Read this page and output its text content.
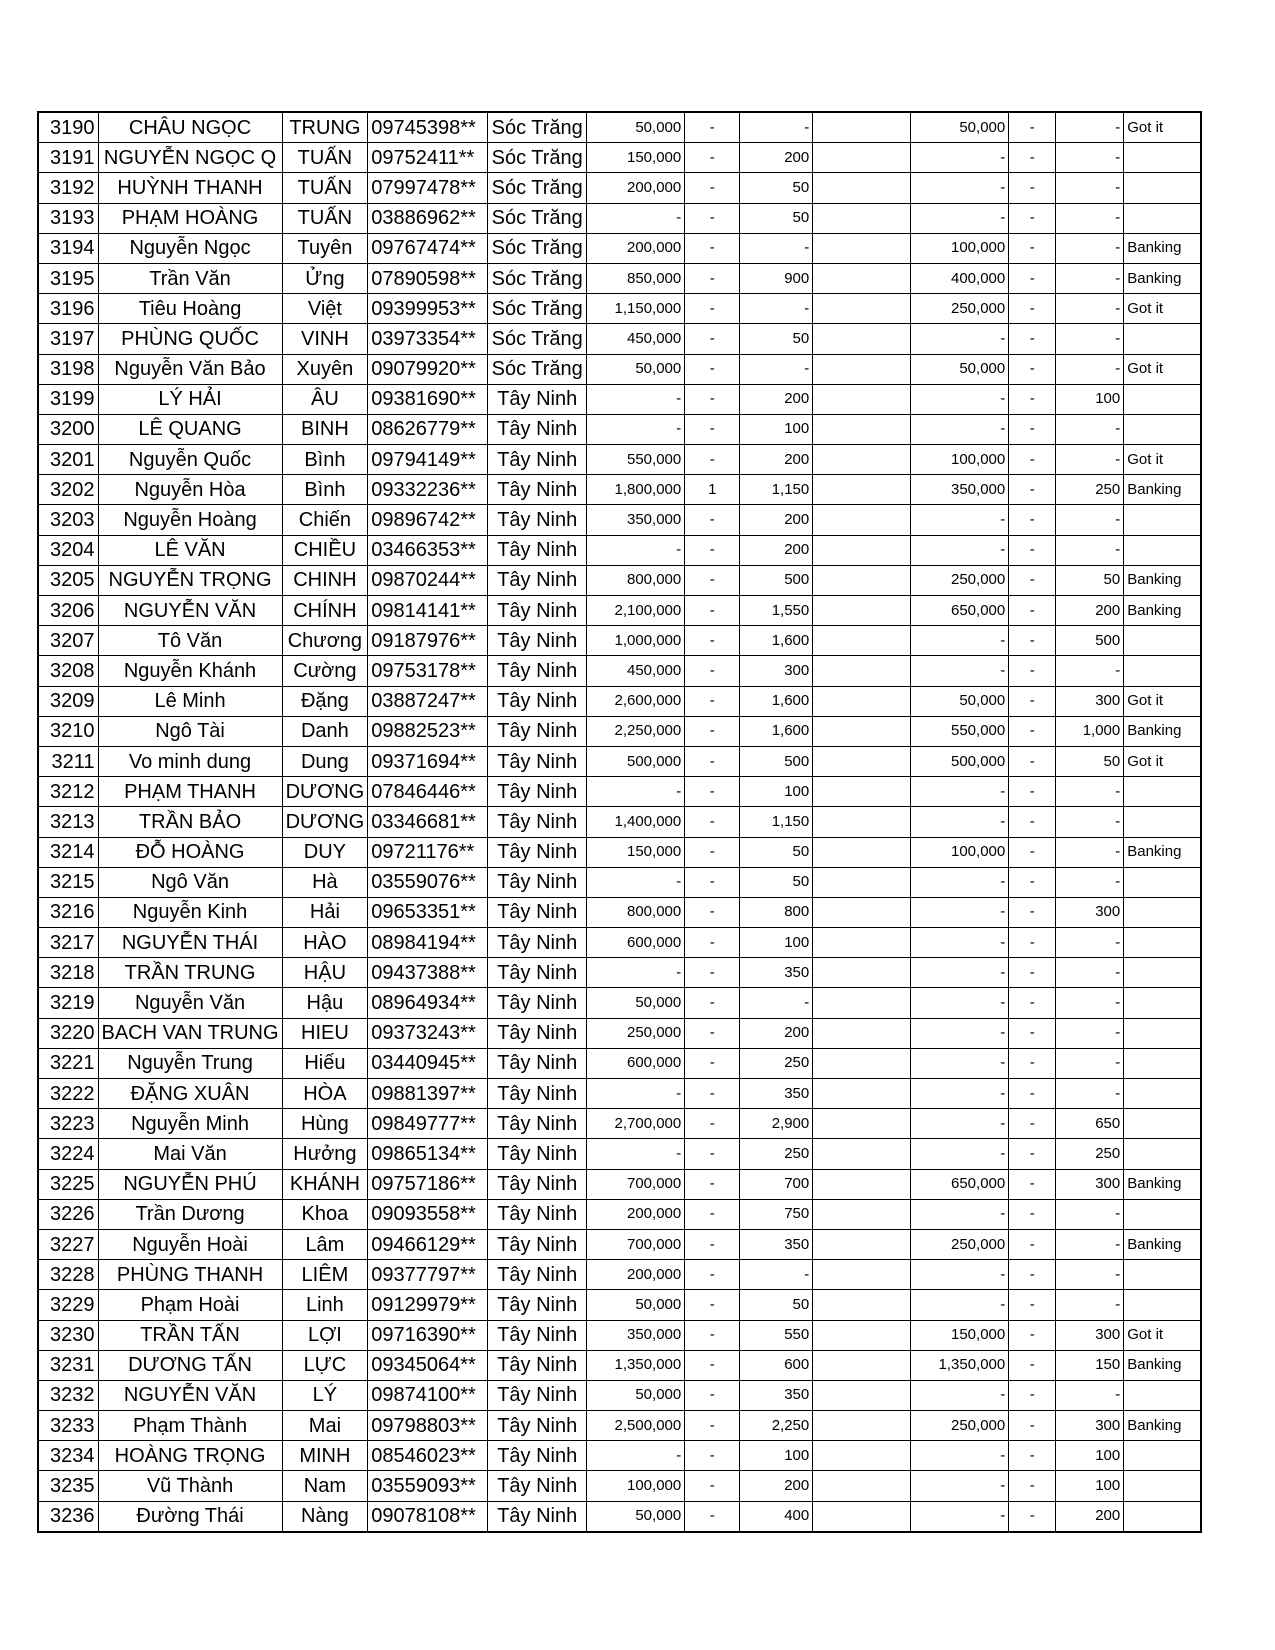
3190	CHÂU NGỌC	TRUNG	09745398**	Sóc Trăng	50,000	-	-		50,000	-	-	Got it
3191	NGUYỄN NGỌC Q	TUẤN	09752411**	Sóc Trăng	150,000	-	200		-	-	-	
3192	HUỲNH THANH	TUẤN	07997478**	Sóc Trăng	200,000	-	50		-	-	-	
3193	PHẠM HOÀNG	TUẤN	03886962**	Sóc Trăng	-	-	50		-	-	-	
3194	Nguyễn Ngọc	Tuyên	09767474**	Sóc Trăng	200,000	-	-		100,000	-	-	Banking
3195	Trần Văn	Ửng	07890598**	Sóc Trăng	850,000	-	900		400,000	-	-	Banking
3196	Tiêu Hoàng	Việt	09399953**	Sóc Trăng	1,150,000	-	-		250,000	-	-	Got it
3197	PHÙNG QUỐC	VINH	03973354**	Sóc Trăng	450,000	-	50		-	-	-	
3198	Nguyễn Văn Bảo	Xuyên	09079920**	Sóc Trăng	50,000	-	-		50,000	-	-	Got it
3199	LÝ HẢI	ÂU	09381690**	Tây Ninh	-	-	200		-	-	100	
3200	LÊ QUANG	BINH	08626779**	Tây Ninh	-	-	100		-	-	-	
3201	Nguyễn Quốc	Bình	09794149**	Tây Ninh	550,000	-	200		100,000	-	-	Got it
3202	Nguyễn Hòa	Bình	09332236**	Tây Ninh	1,800,000	1	1,150		350,000	-	250	Banking
3203	Nguyễn Hoàng	Chiến	09896742**	Tây Ninh	350,000	-	200		-	-	-	
3204	LÊ VĂN	CHIỀU	03466353**	Tây Ninh	-	-	200		-	-	-	
3205	NGUYỄN TRỌNG	CHINH	09870244**	Tây Ninh	800,000	-	500		250,000	-	50	Banking
3206	NGUYỄN VĂN	CHÍNH	09814141**	Tây Ninh	2,100,000	-	1,550		650,000	-	200	Banking
3207	Tô Văn	Chương	09187976**	Tây Ninh	1,000,000	-	1,600		-	-	500	
3208	Nguyễn Khánh	Cường	09753178**	Tây Ninh	450,000	-	300		-	-	-	
3209	Lê Minh	Đặng	03887247**	Tây Ninh	2,600,000	-	1,600		50,000	-	300	Got it
3210	Ngô Tài	Danh	09882523**	Tây Ninh	2,250,000	-	1,600		550,000	-	1,000	Banking
3211	Vo minh dung	Dung	09371694**	Tây Ninh	500,000	-	500		500,000	-	50	Got it
3212	PHẠM THANH	DƯƠNG	07846446**	Tây Ninh	-	-	100		-	-	-	
3213	TRẦN BẢO	DƯƠNG	03346681**	Tây Ninh	1,400,000	-	1,150		-	-	-	
3214	ĐỖ HOÀNG	DUY	09721176**	Tây Ninh	150,000	-	50		100,000	-	-	Banking
3215	Ngô Văn	Hà	03559076**	Tây Ninh	-	-	50		-	-	-	
3216	Nguyễn Kinh	Hải	09653351**	Tây Ninh	800,000	-	800		-	-	300	
3217	NGUYỄN THÁI	HÀO	08984194**	Tây Ninh	600,000	-	100		-	-	-	
3218	TRẦN TRUNG	HẬU	09437388**	Tây Ninh	-	-	350		-	-	-	
3219	Nguyễn Văn	Hậu	08964934**	Tây Ninh	50,000	-	-		-	-	-	
3220	BACH VAN TRUNG	HIEU	09373243**	Tây Ninh	250,000	-	200		-	-	-	
3221	Nguyễn Trung	Hiếu	03440945**	Tây Ninh	600,000	-	250		-	-	-	
3222	ĐẶNG XUÂN	HÒA	09881397**	Tây Ninh	-	-	350		-	-	-	
3223	Nguyễn Minh	Hùng	09849777**	Tây Ninh	2,700,000	-	2,900		-	-	650	
3224	Mai Văn	Hưởng	09865134**	Tây Ninh	-	-	250		-	-	250	
3225	NGUYỄN PHÚ	KHÁNH	09757186**	Tây Ninh	700,000	-	700		650,000	-	300	Banking
3226	Trần Dương	Khoa	09093558**	Tây Ninh	200,000	-	750		-	-	-	
3227	Nguyễn Hoài	Lâm	09466129**	Tây Ninh	700,000	-	350		250,000	-	-	Banking
3228	PHÙNG THANH	LIÊM	09377797**	Tây Ninh	200,000	-	-		-	-	-	
3229	Phạm Hoài	Linh	09129979**	Tây Ninh	50,000	-	50		-	-	-	
3230	TRẦN TẤN	LỢI	09716390**	Tây Ninh	350,000	-	550		150,000	-	300	Got it
3231	DƯƠNG TẤN	LỰC	09345064**	Tây Ninh	1,350,000	-	600		1,350,000	-	150	Banking
3232	NGUYỄN VĂN	LÝ	09874100**	Tây Ninh	50,000	-	350		-	-	-	
3233	Phạm Thành	Mai	09798803**	Tây Ninh	2,500,000	-	2,250		250,000	-	300	Banking
3234	HOÀNG TRỌNG	MINH	08546023**	Tây Ninh	-	-	100		-	-	100	
3235	Vũ Thành	Nam	03559093**	Tây Ninh	100,000	-	200		-	-	100	
3236	Đường Thái	Nàng	09078108**	Tây Ninh	50,000	-	400		-	-	200	
